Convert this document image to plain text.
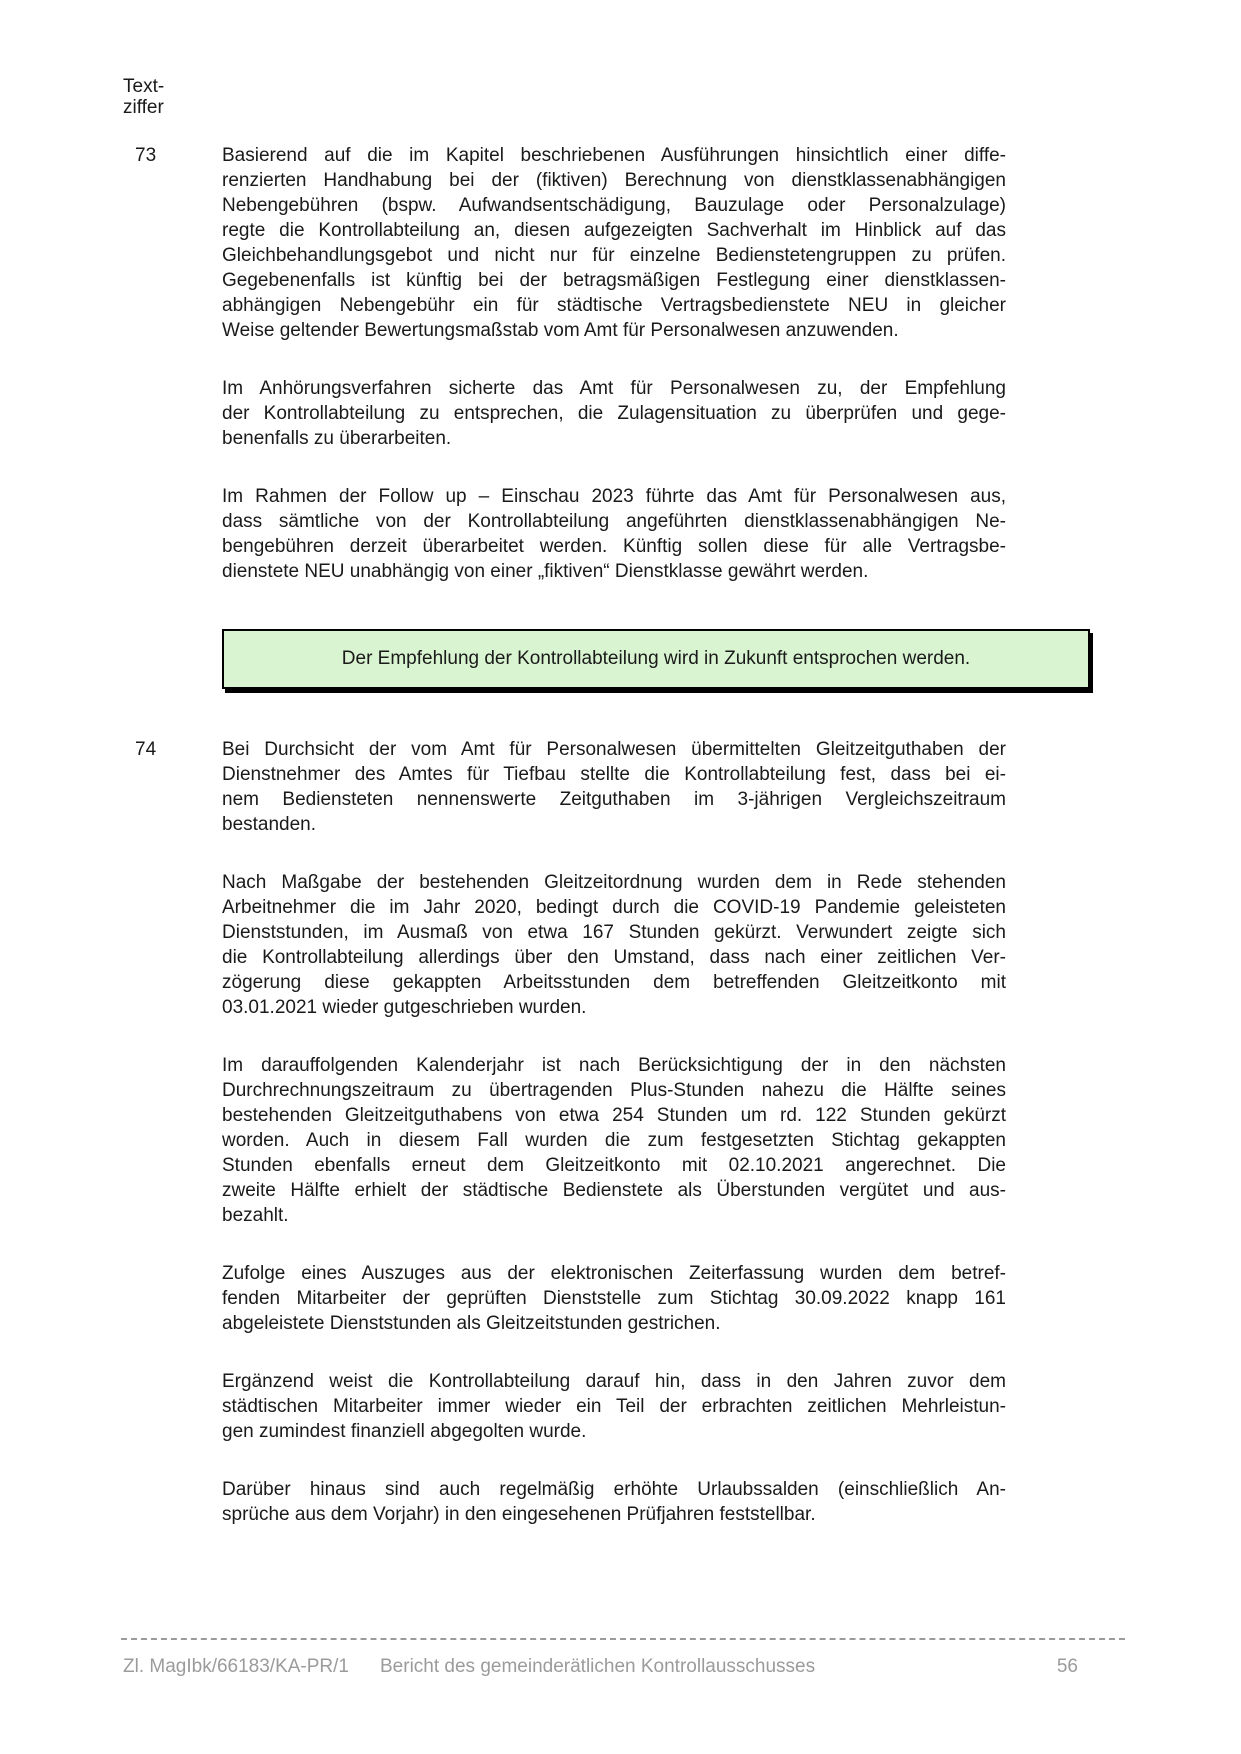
Text-
ziffer
73	Basierend auf die im Kapitel beschriebenen Ausführungen hinsichtlich einer diffe-
renzierten Handhabung bei der (fiktiven) Berechnung von dienstklassenabhängigen
Nebengebühren (bspw. Aufwandsentschädigung, Bauzulage oder Personalzulage)
regte die Kontrollabteilung an, diesen aufgezeigten Sachverhalt im Hinblick auf das
Gleichbehandlungsgebot und nicht nur für einzelne Bedienstetengruppen zu prüfen.
Gegebenenfalls ist künftig bei der betragsmäßigen Festlegung einer dienstklassen-
abhängigen Nebengebühr ein für städtische Vertragsbedienstete NEU in gleicher
Weise geltender Bewertungsmaßstab vom Amt für Personalwesen anzuwenden.
Im Anhörungsverfahren sicherte das Amt für Personalwesen zu, der Empfehlung
der Kontrollabteilung zu entsprechen, die Zulagensituation zu überprüfen und gege-
benenfalls zu überarbeiten.
Im Rahmen der Follow up – Einschau 2023 führte das Amt für Personalwesen aus,
dass sämtliche von der Kontrollabteilung angeführten dienstklassenabhängigen Ne-
bengebühren derzeit überarbeitet werden. Künftig sollen diese für alle Vertragsbe-
dienstete NEU unabhängig von einer „fiktiven“ Dienstklasse gewährt werden.
Der Empfehlung der Kontrollabteilung wird in Zukunft entsprochen werden.
74	Bei Durchsicht der vom Amt für Personalwesen übermittelten Gleitzeitguthaben der
Dienstnehmer des Amtes für Tiefbau stellte die Kontrollabteilung fest, dass bei ei-
nem Bediensteten nennenswerte Zeitguthaben im 3-jährigen Vergleichszeitraum
bestanden.
Nach Maßgabe der bestehenden Gleitzeitordnung wurden dem in Rede stehenden
Arbeitnehmer die im Jahr 2020, bedingt durch die COVID-19 Pandemie geleisteten
Dienststunden, im Ausmaß von etwa 167 Stunden gekürzt. Verwundert zeigte sich
die Kontrollabteilung allerdings über den Umstand, dass nach einer zeitlichen Ver-
zögerung diese gekappten Arbeitsstunden dem betreffenden Gleitzeitkonto mit
03.01.2021 wieder gutgeschrieben wurden.
Im darauffolgenden Kalenderjahr ist nach Berücksichtigung der in den nächsten
Durchrechnungszeitraum zu übertragenden Plus-Stunden nahezu die Hälfte seines
bestehenden Gleitzeitguthabens von etwa 254 Stunden um rd. 122 Stunden gekürzt
worden. Auch in diesem Fall wurden die zum festgesetzten Stichtag gekappten
Stunden ebenfalls erneut dem Gleitzeitkonto mit 02.10.2021 angerechnet. Die
zweite Hälfte erhielt der städtische Bedienstete als Überstunden vergütet und aus-
bezahlt.
Zufolge eines Auszuges aus der elektronischen Zeiterfassung wurden dem betref-
fenden Mitarbeiter der geprüften Dienststelle zum Stichtag 30.09.2022 knapp 161
abgeleistete Dienststunden als Gleitzeitstunden gestrichen.
Ergänzend weist die Kontrollabteilung darauf hin, dass in den Jahren zuvor dem
städtischen Mitarbeiter immer wieder ein Teil der erbrachten zeitlichen Mehrleistun-
gen zumindest finanziell abgegolten wurde.
Darüber hinaus sind auch regelmäßig erhöhte Urlaubssalden (einschließlich An-
sprüche aus dem Vorjahr) in den eingesehenen Prüfjahren feststellbar.
Zl. MagIbk/66183/KA-PR/1 Bericht des gemeinderätlichen Kontrollausschusses	56
